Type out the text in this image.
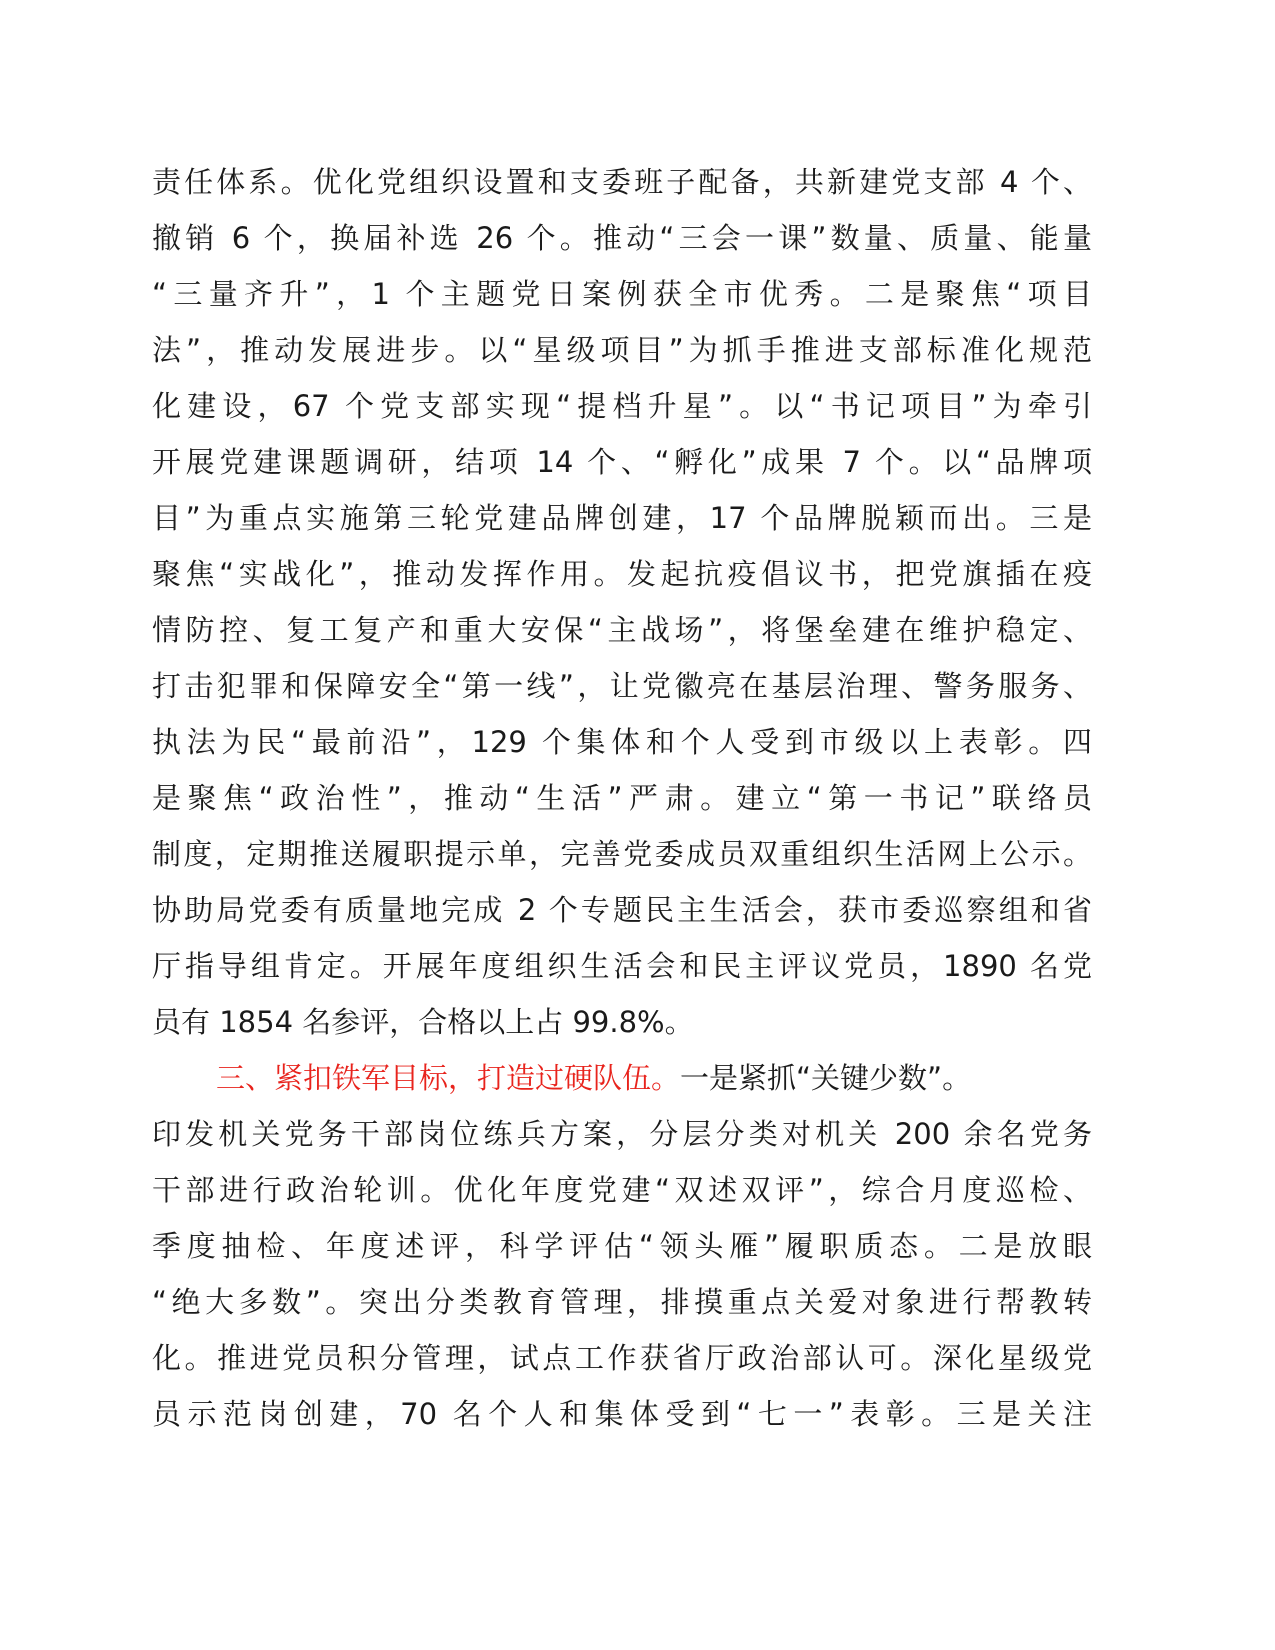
责任体系。优化党组织设置和支委班子配备，共新建党支部 4 个、
撤销 6 个，换届补选 26 个。推动“三会一课”数量、质量、能量
“三量齐升”，1 个主题党日案例获全市优秀。二是聚焦“项目
法”，推动发展进步。以“星级项目”为抓手推进支部标准化规范
化建设，67 个党支部实现“提档升星”。以“书记项目”为牵引
开展党建课题调研，结项 14 个、“孵化”成果 7 个。以“品牌项
目”为重点实施第三轮党建品牌创建，17 个品牌脱颖而出。三是
聚焦“实战化”，推动发挥作用。发起抗疫倡议书，把党旗插在疫
情防控、复工复产和重大安保“主战场”，将堡垒建在维护稳定、
打击犯罪和保障安全“第一线”，让党徽亮在基层治理、警务服务、
执法为民“最前沿”，129 个集体和个人受到市级以上表彰。四
是聚焦“政治性”，推动“生活”严肃。建立“第一书记”联络员
制度，定期推送履职提示单，完善党委成员双重组织生活网上公示。
协助局党委有质量地完成 2 个专题民主生活会，获市委巡察组和省
厅指导组肯定。开展年度组织生活会和民主评议党员，1890 名党
员有 1854 名参评，合格以上占 99.8%。
三、紧扣铁军目标，打造过硬队伍。一是紧抓“关键少数”。
印发机关党务干部岗位练兵方案，分层分类对机关 200 余名党务
干部进行政治轮训。优化年度党建“双述双评”，综合月度巡检、
季度抽检、年度述评，科学评估“领头雁”履职质态。二是放眼
“绝大多数”。突出分类教育管理，排摸重点关爱对象进行帮教转
化。推进党员积分管理，试点工作获省厅政治部认可。深化星级党
员示范岗创建，70 名个人和集体受到“七一”表彰。三是关注
